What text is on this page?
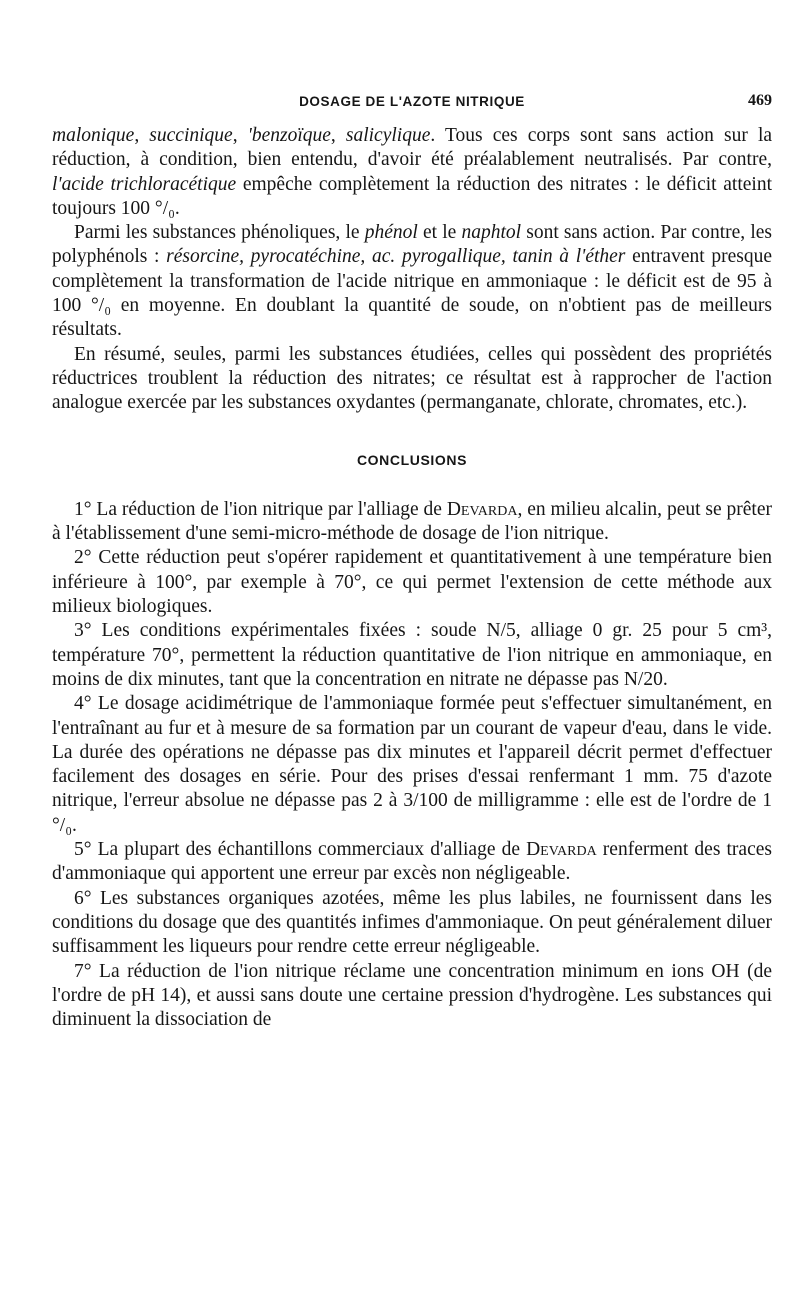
DOSAGE DE L'AZOTE NITRIQUE	469

malonique, succinique, 'benzoïque, salicylique. Tous ces corps sont sans action sur la réduction, à condition, bien entendu, d'avoir été préalablement neutralisés. Par contre, l'acide trichloracétique empêche complètement la réduction des nitrates : le déficit atteint toujours 100 °/₀.

Parmi les substances phénoliques, le phénol et le naphtol sont sans action. Par contre, les polyphénols : résorcine, pyrocatéchine, ac. pyrogallique, tanin à l'éther entravent presque complètement la transformation de l'acide nitrique en ammoniaque : le déficit est de 95 à 100 °/₀ en moyenne. En doublant la quantité de soude, on n'obtient pas de meilleurs résultats.

En résumé, seules, parmi les substances étudiées, celles qui possèdent des propriétés réductrices troublent la réduction des nitrates; ce résultat est à rapprocher de l'action analogue exercée par les substances oxydantes (permanganate, chlorate, chromates, etc.).

CONCLUSIONS

1° La réduction de l'ion nitrique par l'alliage de Devarda, en milieu alcalin, peut se prêter à l'établissement d'une semi-micro-méthode de dosage de l'ion nitrique.

2° Cette réduction peut s'opérer rapidement et quantitativement à une température bien inférieure à 100°, par exemple à 70°, ce qui permet l'extension de cette méthode aux milieux biologiques.

3° Les conditions expérimentales fixées : soude N/5, alliage 0 gr. 25 pour 5 cm³, température 70°, permettent la réduction quantitative de l'ion nitrique en ammoniaque, en moins de dix minutes, tant que la concentration en nitrate ne dépasse pas N/20.

4° Le dosage acidimétrique de l'ammoniaque formée peut s'effectuer simultanément, en l'entraînant au fur et à mesure de sa formation par un courant de vapeur d'eau, dans le vide. La durée des opérations ne dépasse pas dix minutes et l'appareil décrit permet d'effectuer facilement des dosages en série. Pour des prises d'essai renfermant 1 mm. 75 d'azote nitrique, l'erreur absolue ne dépasse pas 2 à 3/100 de milligramme : elle est de l'ordre de 1 °/₀.

5° La plupart des échantillons commerciaux d'alliage de Devarda renferment des traces d'ammoniaque qui apportent une erreur par excès non négligeable.

6° Les substances organiques azotées, même les plus labiles, ne fournissent dans les conditions du dosage que des quantités infimes d'ammoniaque. On peut généralement diluer suffisamment les liqueurs pour rendre cette erreur négligeable.

7° La réduction de l'ion nitrique réclame une concentration minimum en ions OH (de l'ordre de pH 14), et aussi sans doute une certaine pression d'hydrogène. Les substances qui diminuent la dissociation de
